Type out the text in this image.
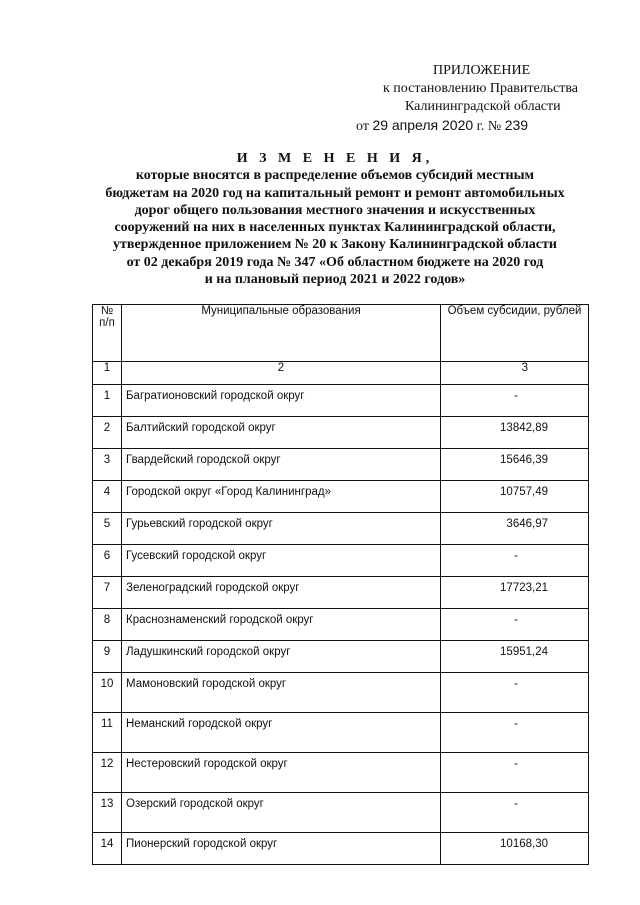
ПРИЛОЖЕНИЕ
к постановлению Правительства
Калининградской области
от 29 апреля 2020 г. № 239
И З М Е Н Е Н И Я,
которые вносятся в распределение объемов субсидий местным
бюджетам на 2020 год на капитальный ремонт и ремонт автомобильных
дорог общего пользования местного значения и искусственных
сооружений на них в населенных пунктах Калининградской области,
утвержденное приложением № 20 к Закону Калининградской области
от 02 декабря 2019 года № 347 «Об областном бюджете на 2020 год
и на плановый период 2021 и 2022 годов»
№ п/п	Муниципальные образования	Объем субсидии, рублей
1	2	3
1	Багратионовский городской округ	-
2	Балтийский городской округ	13842,89
3	Гвардейский городской округ	15646,39
4	Городской округ «Город Калининград»	10757,49
5	Гурьевский городской округ	3646,97
6	Гусевский городской округ	-
7	Зеленоградский городской округ	17723,21
8	Краснознаменский городской округ	-
9	Ладушкинский городской округ	15951,24
10	Мамоновский городской округ	-
11	Неманский городской округ	-
12	Нестеровский городской округ	-
13	Озерский городской округ	-
14	Пионерский городской округ	10168,30
